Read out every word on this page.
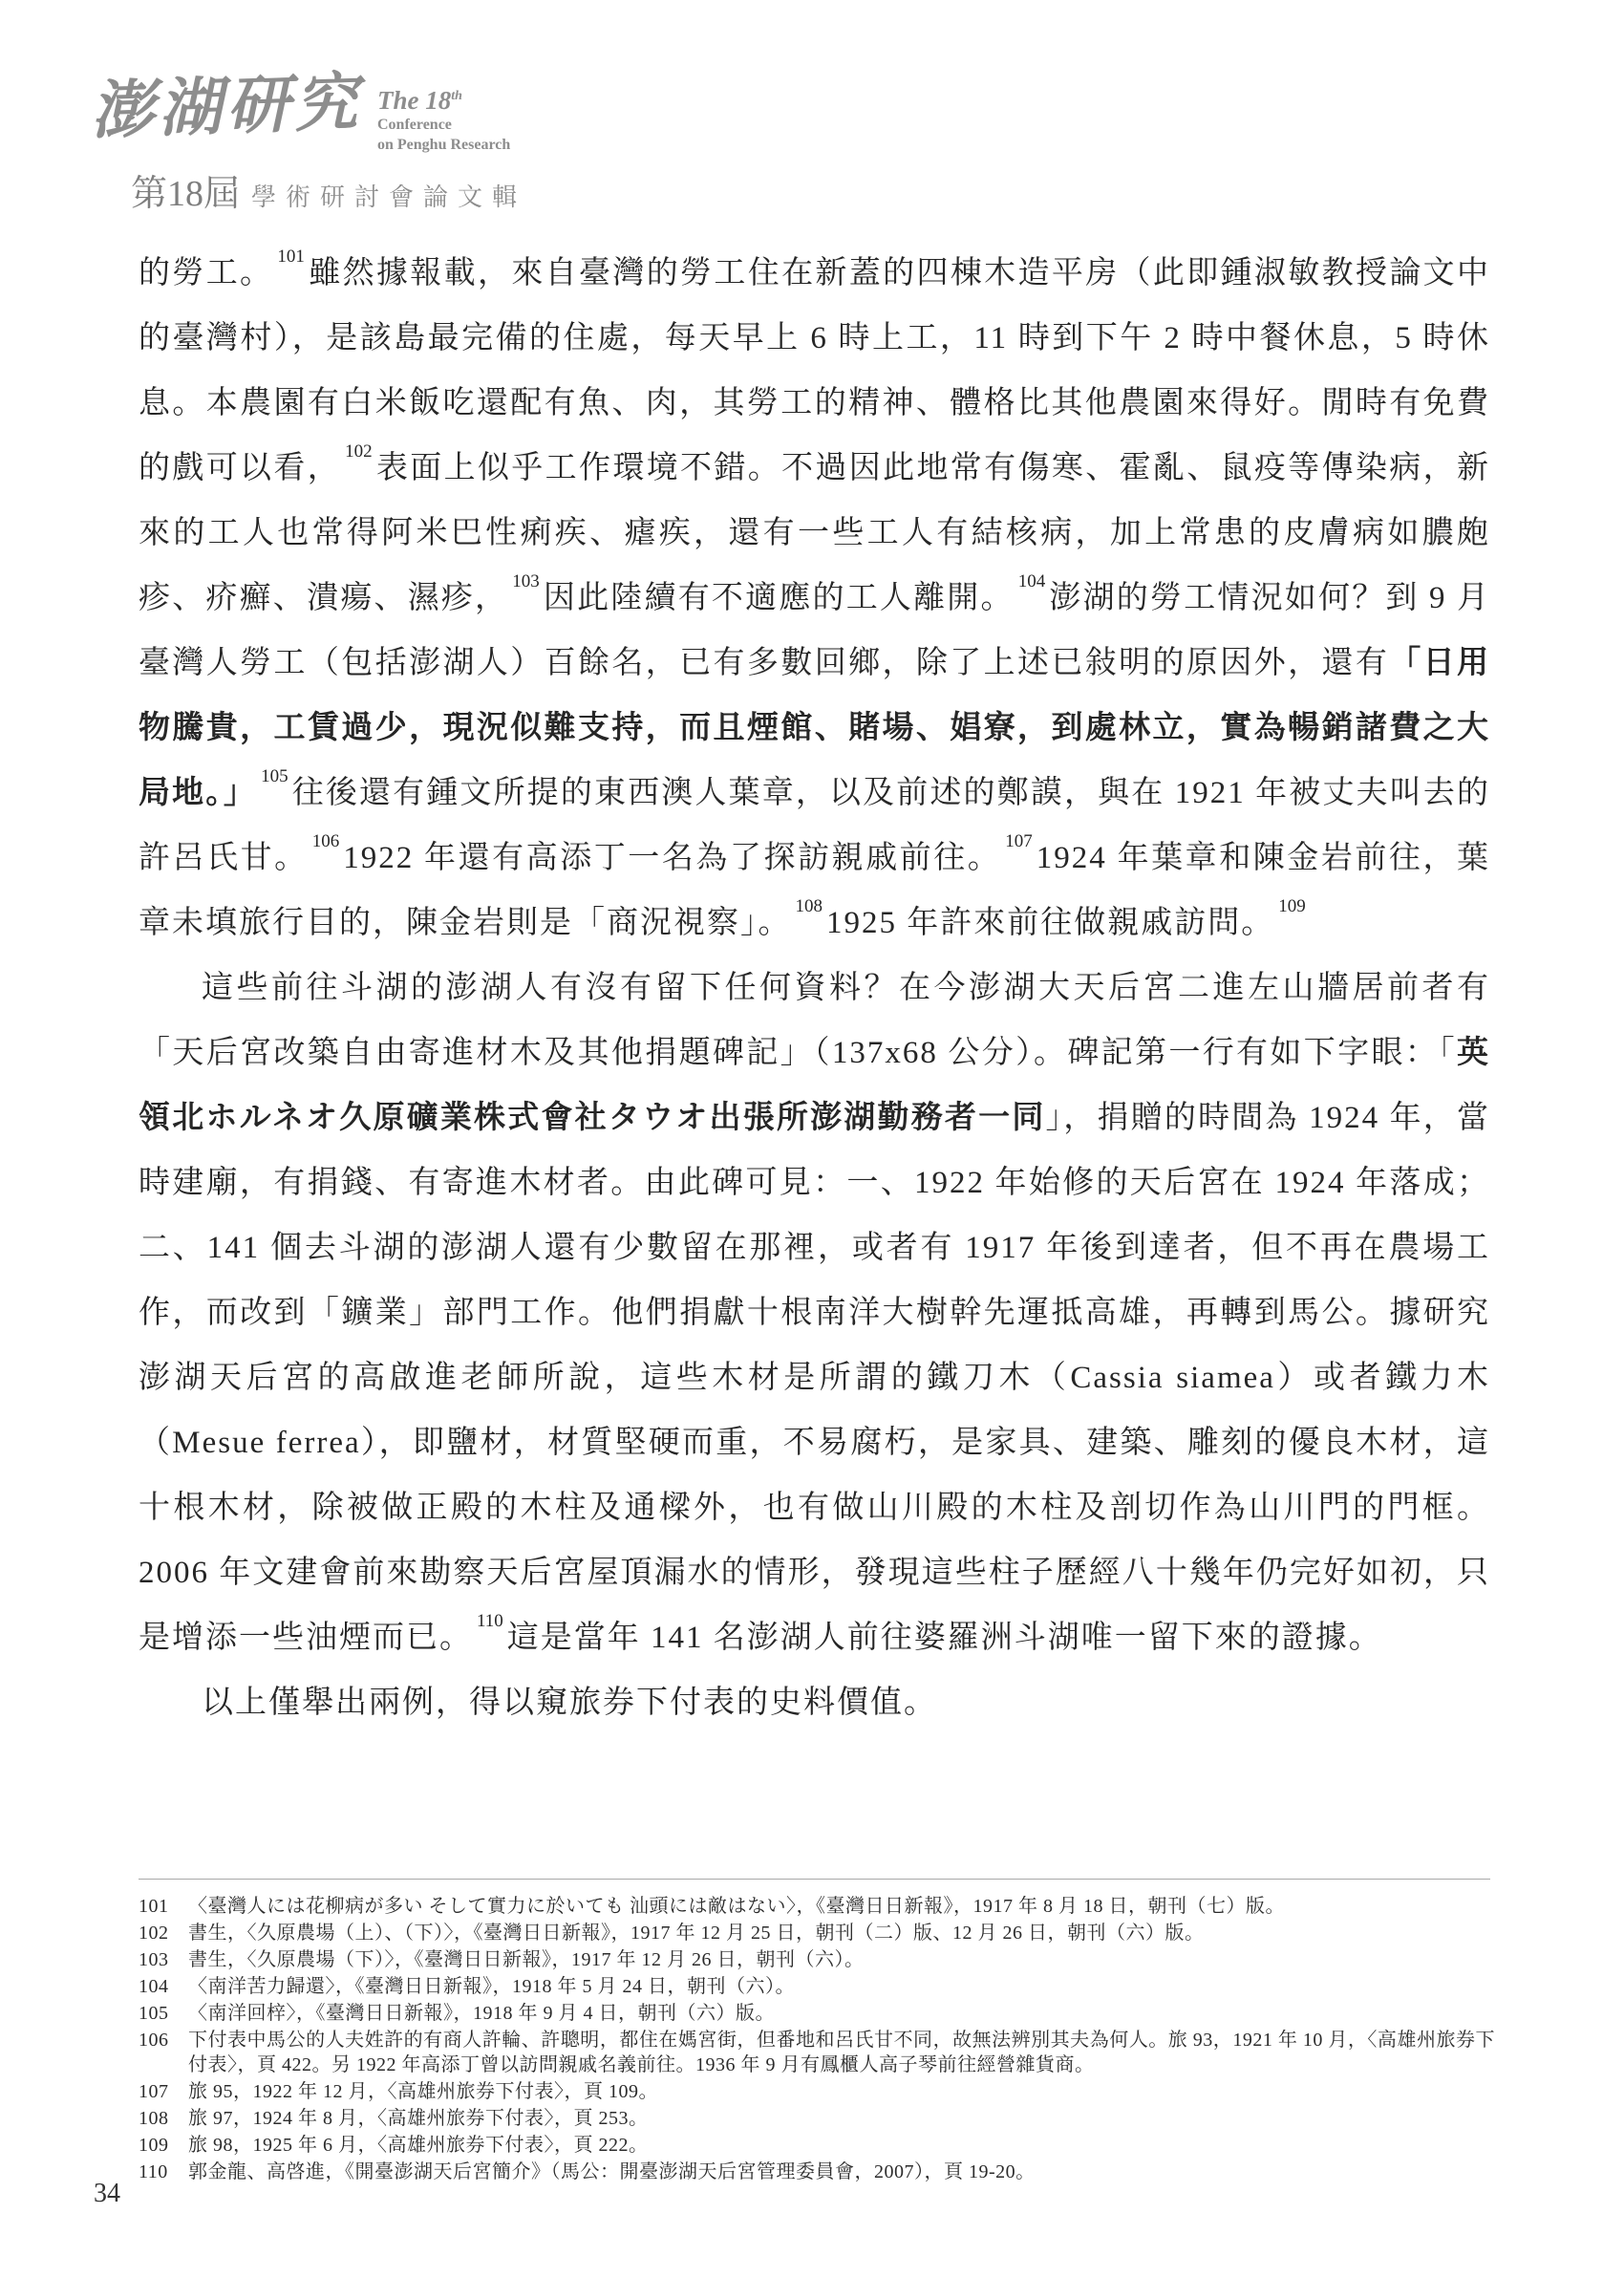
澎湖研究 The 18th
Conference
on Penghu Research
第18屆 學術研討會論文輯

的勞工。 $^{101}$ 雖然據報載，來自臺灣的勞工住在新蓋的四棟木造平房（此即鍾淑敏教授論文中的臺灣村），是該島最完備的住處，每天早上 6 時上工，11 時到下午 2 時中餐休息，5 時休息。本農園有白米飯吃還配有魚、肉，其勞工的精神、體格比其他農園來得好。閒時有免費的戲可以看， $^{102}$ 表面上似乎工作環境不錯。不過因此地常有傷寒、霍亂、鼠疫等傳染病，新來的工人也常得阿米巴性痢疾、瘧疾，還有一些工人有結核病，加上常患的皮膚病如膿皰疹、疥癬、潰瘍、濕疹， $^{103}$ 因此陸續有不適應的工人離開。 $^{104}$ 澎湖的勞工情況如何？到 9 月臺灣人勞工（包括澎湖人）百餘名，已有多數回鄉，除了上述已敍明的原因外，還有「日用物騰貴，工賃過少，現況似難支持，而且煙館、賭場、娼寮，到處林立，實為暢銷諸費之大局地。」 $^{105}$ 往後還有鍾文所提的東西澳人葉章，以及前述的鄭謨，與在 1921 年被丈夫叫去的許呂氏甘。 $^{106}$ 1922 年還有高添丁一名為了探訪親戚前往。 $^{107}$ 1924 年葉章和陳金岩前往，葉章未填旅行目的，陳金岩則是「商況視察」。 $^{108}$ 1925 年許來前往做親戚訪問。 $^{109}$

這些前往斗湖的澎湖人有沒有留下任何資料？在今澎湖大天后宮二進左山牆居前者有「天后宮改築自由寄進材木及其他捐題碑記」（137x68 公分）。碑記第一行有如下字眼：「英領北ホルネオ久原礦業株式會社タウオ出張所澎湖勤務者一同」，捐贈的時間為 1924 年，當時建廟，有捐錢、有寄進木材者。由此碑可見：一、1922 年始修的天后宮在 1924 年落成；二、141 個去斗湖的澎湖人還有少數留在那裡，或者有 1917 年後到達者，但不再在農場工作，而改到「鑛業」部門工作。他們捐獻十根南洋大樹幹先運抵高雄，再轉到馬公。據研究澎湖天后宮的高啟進老師所說，這些木材是所謂的鐵刀木（Cassia siamea）或者鐵力木（Mesue ferrea），即鹽材，材質堅硬而重，不易腐朽，是家具、建築、雕刻的優良木材，這十根木材，除被做正殿的木柱及通樑外，也有做山川殿的木柱及剖切作為山川門的門框。2006 年文建會前來勘察天后宮屋頂漏水的情形，發現這些柱子歷經八十幾年仍完好如初，只是增添一些油煙而已。 $^{110}$ 這是當年 141 名澎湖人前往婆羅洲斗湖唯一留下來的證據。

以上僅舉出兩例，得以窺旅券下付表的史料價值。

101	〈臺灣人には花柳病が多い そして實力に於いても 汕頭には敵はない〉，《臺灣日日新報》，1917 年 8 月 18 日，朝刊（七）版。
102	書生，〈久原農場（上）、（下）〉，《臺灣日日新報》，1917 年 12 月 25 日，朝刊（二）版、12 月 26 日，朝刊（六）版。
103	書生，〈久原農場（下）〉，《臺灣日日新報》，1917 年 12 月 26 日，朝刊（六）。
104	〈南洋苦力歸還〉，《臺灣日日新報》，1918 年 5 月 24 日，朝刊（六）。
105	〈南洋回梓〉，《臺灣日日新報》，1918 年 9 月 4 日，朝刊（六）版。
106	下付表中馬公的人夫姓許的有商人許輪、許聰明，都住在媽宮街，但番地和呂氏甘不同，故無法辨別其夫為何人。旅 93，1921 年 10 月，〈高雄州旅券下付表〉，頁 422。另 1922 年高添丁曾以訪問親戚名義前往。1936 年 9 月有鳳櫃人高子琴前往經營雜貨商。
107	旅 95，1922 年 12 月，〈高雄州旅券下付表〉，頁 109。
108	旅 97，1924 年 8 月，〈高雄州旅券下付表〉，頁 253。
109	旅 98，1925 年 6 月，〈高雄州旅券下付表〉，頁 222。
110	郭金龍、高啓進，《開臺澎湖天后宮簡介》（馬公：開臺澎湖天后宮管理委員會，2007），頁 19-20。
34
